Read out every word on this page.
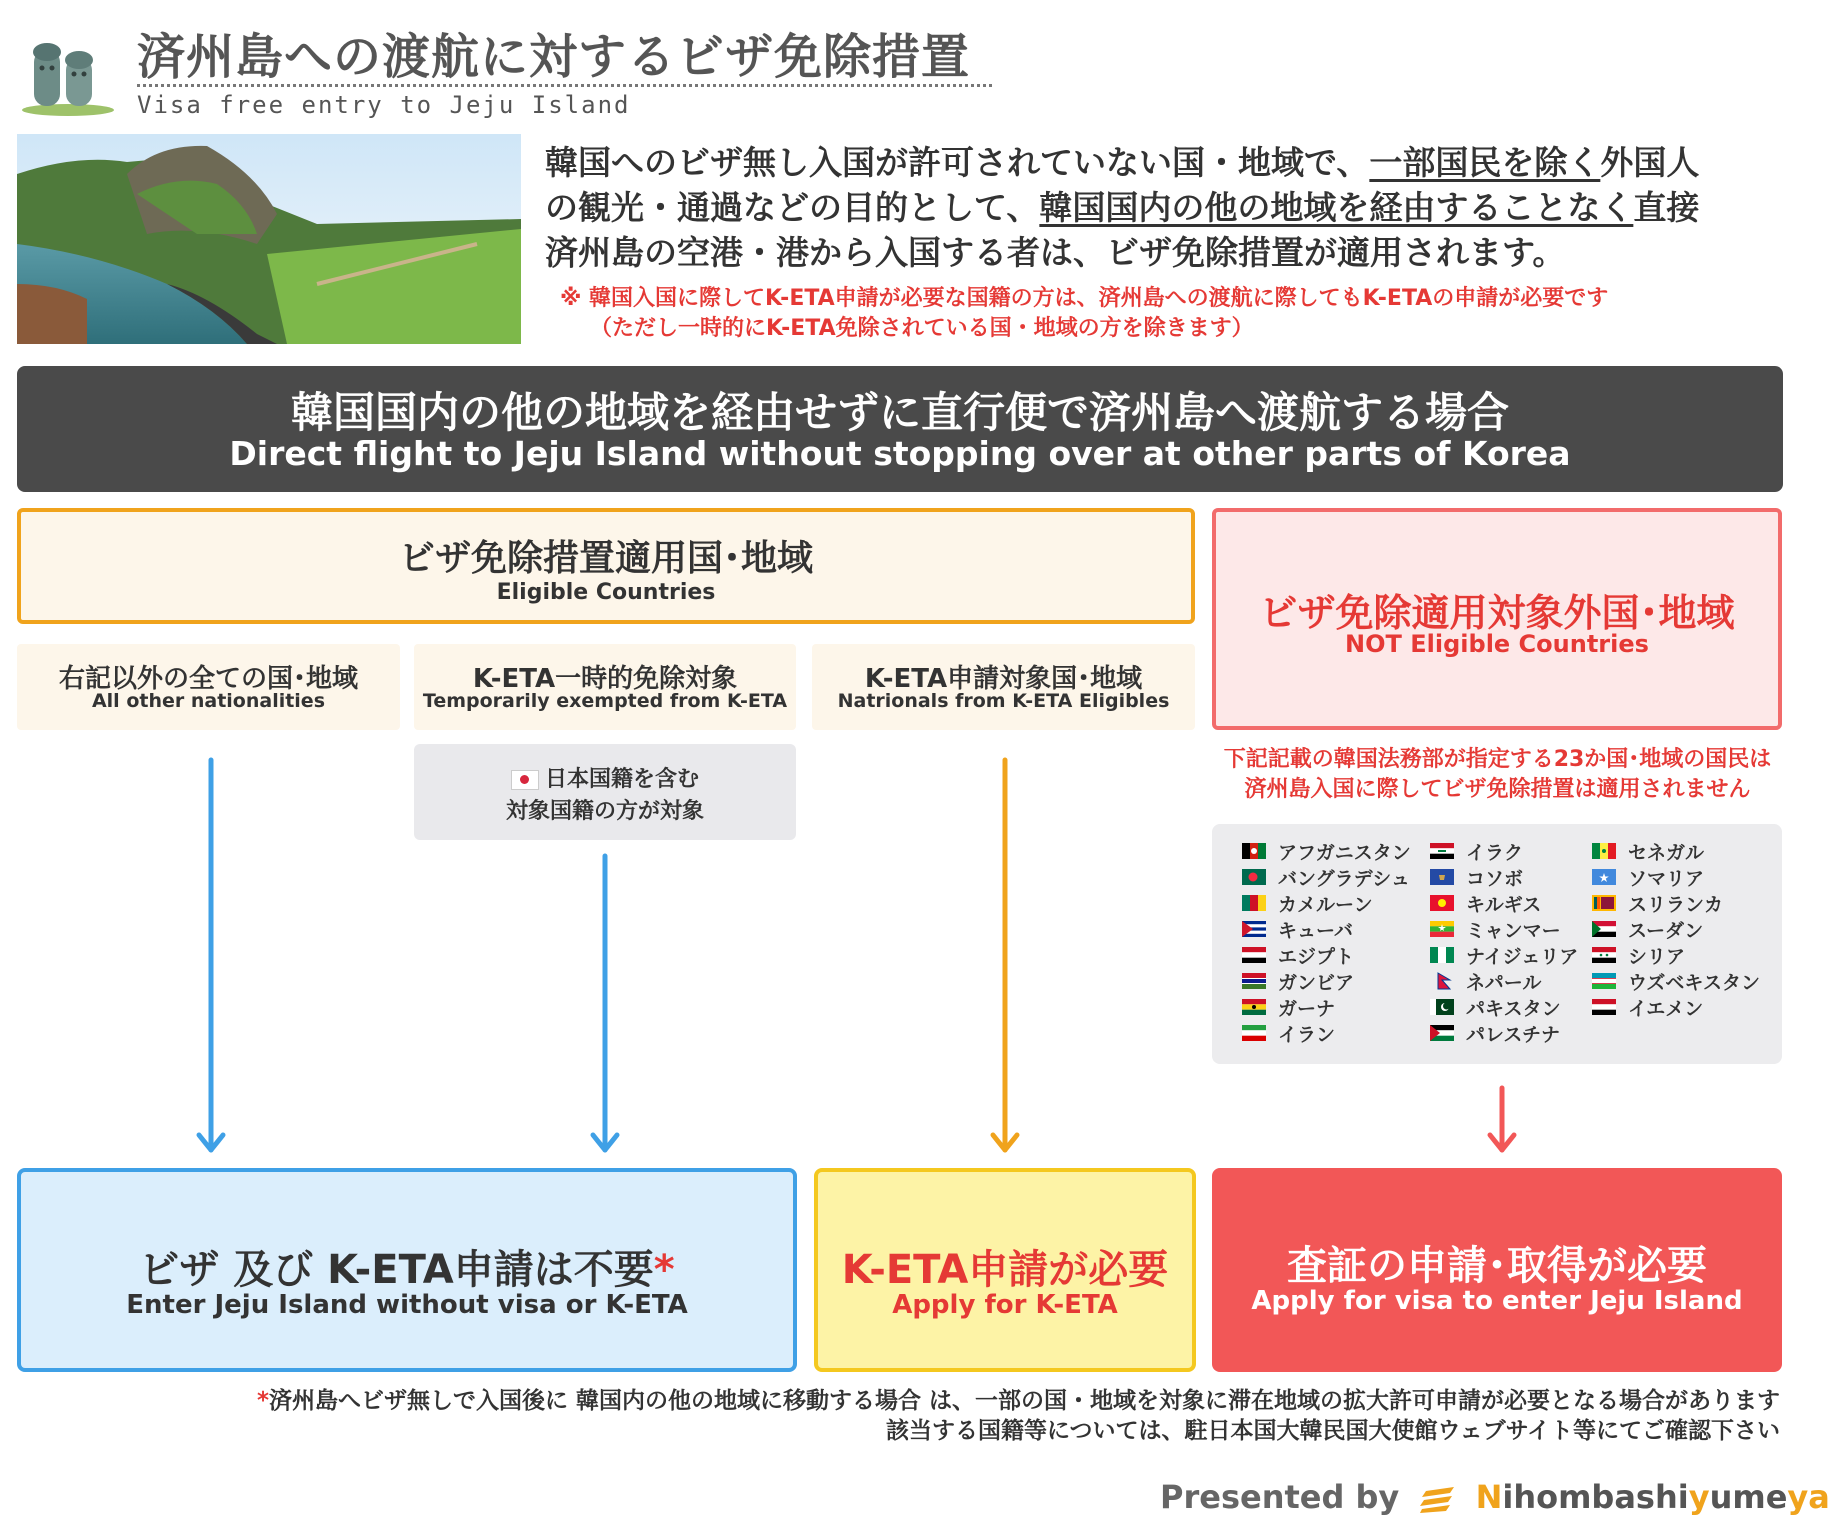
済州島への渡航に対するビザ免除措置
Visa free entry to Jeju Island
韓国へのビザ無し入国が許可されていない国・地域で、一部国民を除く外国人
の観光・通過などの目的として、韓国国内の他の地域を経由することなく直接
済州島の空港・港から入国する者は、ビザ免除措置が適用されます。
※ 韓国入国に際してK-ETA申請が必要な国籍の方は、済州島への渡航に際してもK-ETAの申請が必要です
（ただし一時的にK-ETA免除されている国・地域の方を除きます）
韓国国内の他の地域を経由せずに直行便で済州島へ渡航する場合
Direct flight to Jeju Island without stopping over at other parts of Korea
ビザ免除措置適用国･地域
Eligible Countries	ビザ免除適用対象外国･地域
NOT Eligible Countries
右記以外の全ての国･地域
All other nationalities
K-ETA一時的免除対象
Temporarily exempted from K-ETA
K-ETA申請対象国･地域
Natrionals from K-ETA Eligibles
日本国籍を含む
対象国籍の方が対象
下記記載の韓国法務部が指定する23か国･地域の国民は
済州島入国に際してビザ免除措置は適用されません
アフガニスタン
バングラデシュ
カメルーン
キューバ
エジプト
ガンビア
ガーナ
イラン
イラク
コソボ
キルギス
ミャンマー
ナイジェリア
ネパール
パキスタン
パレスチナ
セネガル
ソマリア
スリランカ
スーダン
シリア
ウズベキスタン
イエメン
ビザ 及び K-ETA申請は不要*
Enter Jeju Island without visa or K-ETA
K-ETA申請が必要
Apply for K-ETA
査証の申請･取得が必要
Apply for visa to enter Jeju Island
*済州島へビザ無しで入国後に 韓国内の他の地域に移動する場合 は、一部の国・地域を対象に滞在地域の拡大許可申請が必要となる場合があります
該当する国籍等については、駐日本国大韓民国大使館ウェブサイト等にてご確認下さい
Presented by Nihombashiyumeya
